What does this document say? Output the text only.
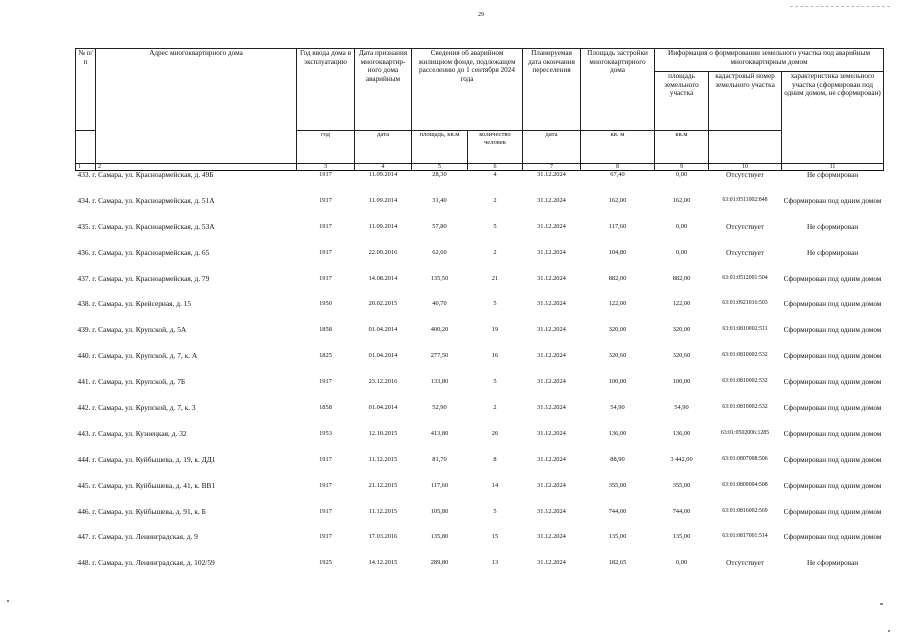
29
№ п/п	Адрес многоквартирного дома	Год ввода дома в эксплуатацию	Дата признания многоквартир-ного дома аварийным	Сведения об аварийном жилищном фонде, подлежащем расселению до 1 сентября 2024 года		Планируемая дата окончания переселения	Площадь застройки многоквартирного дома	Информация о формировании земельного участка под аварийным многоквартирным домом		
								площадь земельного участка	кадастровый номер земельного участка	характеристика земельного участка (сформирован под одним домом, не сформирован)
		год	дата	площадь, кв.м	количество человек	дата	кв. м	кв.м		
1	2	3	4	5	6	7	8	9	10	11
433. г. Самара, ул. Красноармейская, д. 49Б		1917	11.09.2014	28,30	4	31.12.2024	67,40	0,00	Отсутствует	Не сформирован
434. г. Самара, ул. Красноармейская, д. 51А		1917	11.09.2014	31,40	2	31.12.2024	162,00	162,00	63:01:0511002:848	Сформирован под одним домом
435. г. Самара, ул. Красноармейская, д. 53А		1917	11.09.2014	57,80	5	31.12.2024	117,60	0,00	Отсутствует	Не сформирован
436. г. Самара, ул. Красноармейская, д. 65		1917	22.09.2016	62,60	2	31.12.2024	104,80	0,00	Отсутствует	Не сформирован
437. г. Самара, ул. Красноармейская, д. 79		1917	14.08.2014	135,50	21	31.12.2024	882,00	882,00	63:01:0512001:504	Сформирован под одним домом
438. г. Самара, ул. Крейсерная, д. 15		1950	20.02.2015	40,70	5	31.12.2024	122,00	122,00	63:01:0921016:503	Сформирован под одним домом
439. г. Самара, ул. Крупской, д. 5А		1858	01.04.2014	400,20	19	31.12.2024	320,00	320,00	63:01:0810002:511	Сформирован под одним домом
440. г. Самара, ул. Крупской, д. 7, к. А		1825	01.04.2014	277,50	16	31.12.2024	320,60	320,60	63:01:0810002:532	Сформирован под одним домом
441. г. Самара, ул. Крупской, д. 7Б		1917	23.12.2016	133,80	5	31.12.2024	100,00	100,00	63:01:0810002:532	Сформирован под одним домом
442. г. Самара, ул. Крупской, д. 7, к. 3		1858	01.04.2014	52,90	2	31.12.2024	54,90	54,90	63:01:0810002:532	Сформирован под одним домом
443. г. Самара, ул. Кузнецкая, д. 32		1953	12.10.2015	413,80	26	31.12.2024	136,00	136,00	63:01:0502006:1285	Сформирован под одним домом
444. г. Самара, ул. Куйбышева, д. 19, к. ДД1		1917	11.12.2015	81,70	8	31.12.2024	88,90	3 442,00	63:01:0807008:506	Сформирован под одним домом
445. г. Самара, ул. Куйбышева, д. 41, к. ВВ1		1917	21.12.2015	117,60	14	31.12.2024	355,00	355,00	63:01:0809004:508	Сформирован под одним домом
446. г. Самара, ул. Куйбышева, д. 91, к. Б		1917	11.12.2015	105,80	5	31.12.2024	744,00	744,00	63:01:0816002:569	Сформирован под одним домом
447. г. Самара, ул. Ленинградская, д. 9		1917	17.03.2016	135,80	15	31.12.2024	135,00	135,00	63:01:0817001:514	Сформирован под одним домом
448. г. Самара, ул. Ленинградская, д. 102/59		1925	14.12.2015	289,80	13	31.12.2024	182,65	0,00	Отсутствует	Не сформирован
